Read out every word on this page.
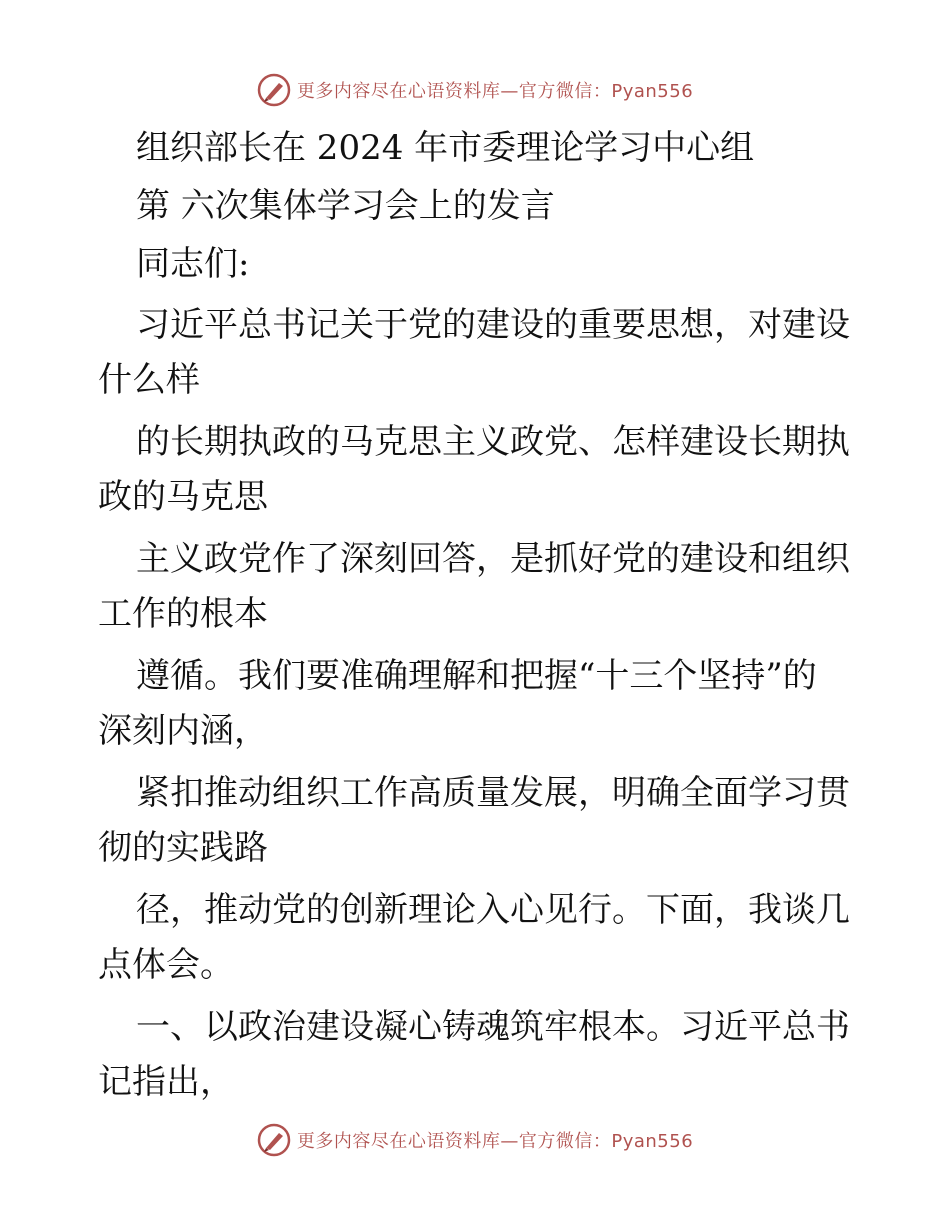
更多内容尽在心语资料库—官方微信：Pyan556
组织部长在 2024 年市委理论学习中心组
第 六次集体学习会上的发言
同志们:
习近平总书记关于党的建设的重要思想，对建设
什么样
的长期执政的马克思主义政党、怎样建设长期执
政的马克思
主义政党作了深刻回答，是抓好党的建设和组织
工作的根本
遵循。我们要准确理解和把握“十三个坚持”的
深刻内涵，
紧扣推动组织工作高质量发展，明确全面学习贯
彻的实践路
径，推动党的创新理论入心见行。下面，我谈几
点体会。
一、以政治建设凝心铸魂筑牢根本。习近平总书
记指出，
更多内容尽在心语资料库—官方微信：Pyan556
